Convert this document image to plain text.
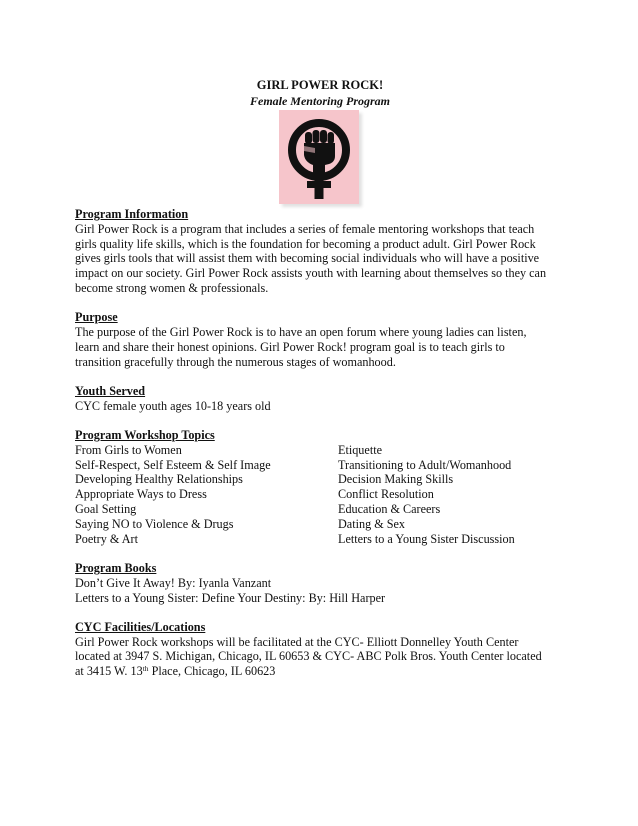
GIRL POWER ROCK!
Female Mentoring Program
Program Information
Girl Power Rock is a program that includes a series of female mentoring workshops that teach
girls quality life skills, which is the foundation for becoming a product adult. Girl Power Rock
gives girls tools that will assist them with becoming social individuals who will have a positive
impact on our society. Girl Power Rock assists youth with learning about themselves so they can
become strong women & professionals.
Purpose
The purpose of the Girl Power Rock is to have an open forum where young ladies can listen,
learn and share their honest opinions. Girl Power Rock! program goal is to teach girls to
transition gracefully through the numerous stages of womanhood.
Youth Served
CYC female youth ages 10-18 years old
Program Workshop Topics
From Girls to Women	Etiquette
Self-Respect, Self Esteem & Self Image	Transitioning to Adult/Womanhood
Developing Healthy Relationships	Decision Making Skills
Appropriate Ways to Dress	Conflict Resolution
Goal Setting	Education & Careers
Saying NO to Violence & Drugs	Dating & Sex
Poetry & Art	Letters to a Young Sister Discussion
Program Books
Don’t Give It Away! By: Iyanla Vanzant
Letters to a Young Sister: Define Your Destiny: By: Hill Harper
CYC Facilities/Locations
Girl Power Rock workshops will be facilitated at the CYC- Elliott Donnelley Youth Center
located at 3947 S. Michigan, Chicago, IL 60653 & CYC- ABC Polk Bros. Youth Center located
at 3415 W. 13th Place, Chicago, IL 60623
